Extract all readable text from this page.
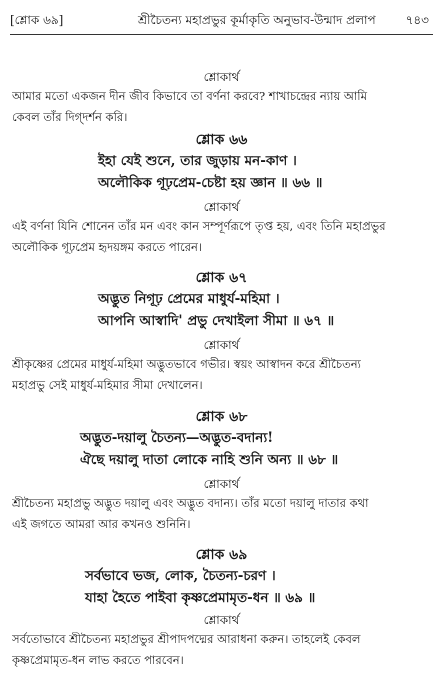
[শ্লোক ৬৯]	শ্রীচৈতন্য মহাপ্রভুর কূর্মাকৃতি অনুভাব-উন্মাদ প্রলাপ ৭৪৩
শ্লোকার্থ
আমার মতো একজন দীন জীব কিভাবে তা বর্ণনা করবে? শাখাচন্দ্রের ন্যায় আমি
কেবল তাঁর দিগ্‌দর্শন করি।
শ্লোক ৬৬
ইহা যেই শুনে, তার জুড়ায় মন-কাণ ।
অলৌকিক গূঢ়প্রেম-চেষ্টা হয় জ্ঞান ॥ ৬৬ ॥
শ্লোকার্থ
এই বর্ণনা যিনি শোনেন তাঁর মন এবং কান সম্পূর্ণরূপে তৃপ্ত হয়, এবং তিনি মহাপ্রভুর
অলৌকিক গূঢ়প্রেম হৃদয়ঙ্গম করতে পারেন।
শ্লোক ৬৭
অদ্ভুত নিগূঢ় প্রেমের মাধুর্য-মহিমা ।
আপনি আস্বাদি' প্রভু দেখাইলা সীমা ॥ ৬৭ ॥
শ্লোকার্থ
শ্রীকৃষ্ণের প্রেমের মাধুর্য-মহিমা অদ্ভুতভাবে গভীর। স্বয়ং আস্বাদন করে শ্রীচৈতন্য
মহাপ্রভু সেই মাধুর্য-মহিমার সীমা দেখালেন।
শ্লোক ৬৮
অদ্ভুত-দয়ালু চৈতন্য—অদ্ভুত-বদান্য!
ঐছে দয়ালু দাতা লোকে নাহি শুনি অন্য ॥ ৬৮ ॥
শ্লোকার্থ
শ্রীচৈতন্য মহাপ্রভু অদ্ভুত দয়ালু এবং অদ্ভুত বদান্য। তাঁর মতো দয়ালু দাতার কথা
এই জগতে আমরা আর কখনও শুনিনি।
শ্লোক ৬৯
সর্বভাবে ভজ, লোক, চৈতন্য-চরণ ।
যাহা হৈতে পাইবা কৃষ্ণপ্রেমামৃত-ধন ॥ ৬৯ ॥
শ্লোকার্থ
সর্বতোভাবে শ্রীচৈতন্য মহাপ্রভুর শ্রীপাদপদ্মের আরাধনা করুন। তাহলেই কেবল
কৃষ্ণপ্রেমামৃত-ধন লাভ করতে পারবেন।
